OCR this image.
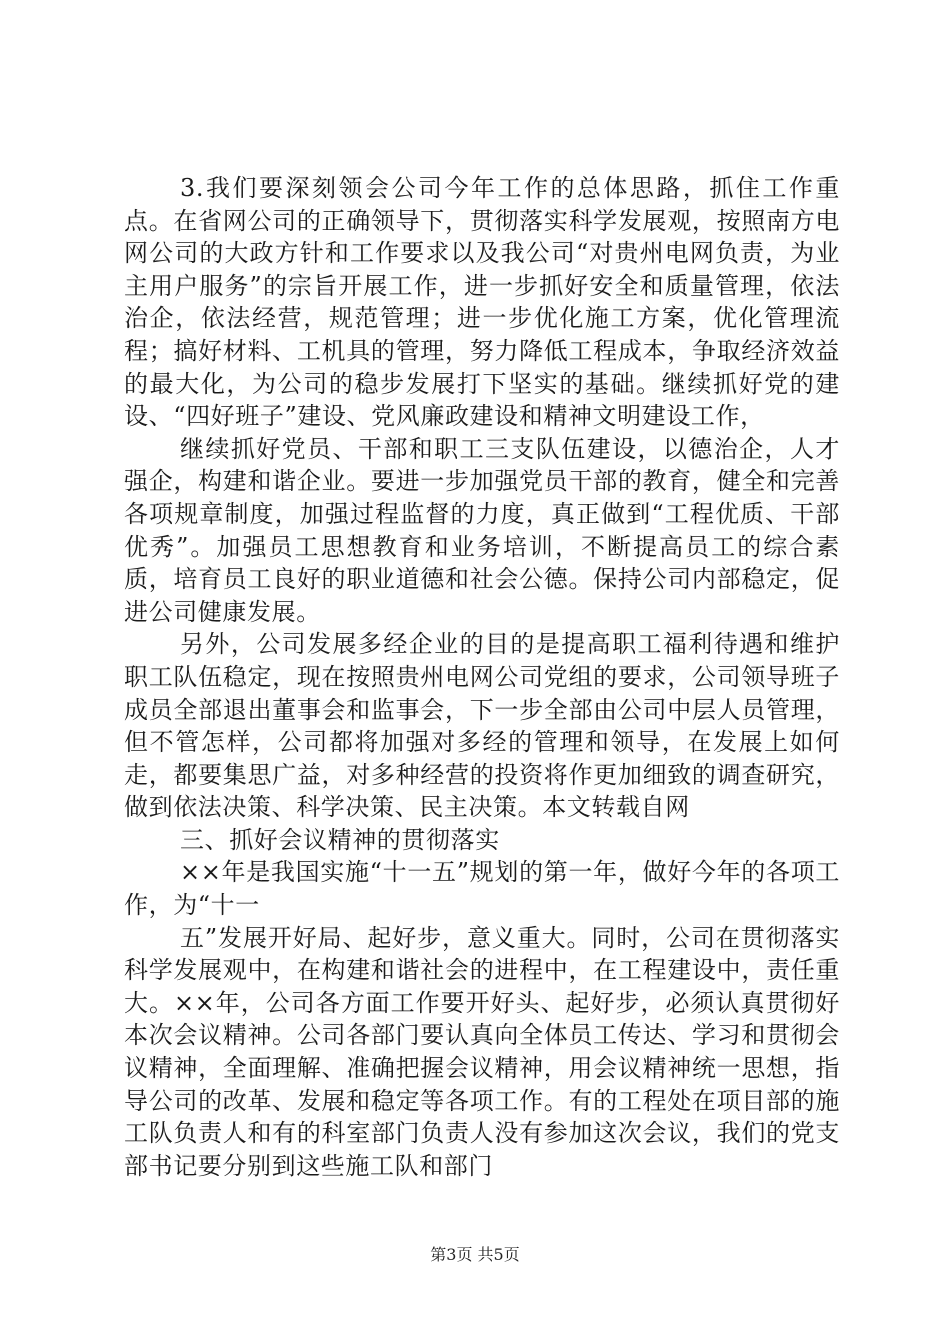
3.我们要深刻领会公司今年工作的总体思路，抓住工作重点。在省网公司的正确领导下，贯彻落实科学发展观，按照南方电网公司的大政方针和工作要求以及我公司“对贵州电网负责，为业主用户服务”的宗旨开展工作，进一步抓好安全和质量管理，依法治企，依法经营，规范管理；进一步优化施工方案，优化管理流程；搞好材料、工机具的管理，努力降低工程成本，争取经济效益的最大化，为公司的稳步发展打下坚实的基础。继续抓好党的建设、“四好班子”建设、党风廉政建设和精神文明建设工作，

继续抓好党员、干部和职工三支队伍建设，以德治企，人才强企，构建和谐企业。要进一步加强党员干部的教育，健全和完善各项规章制度，加强过程监督的力度，真正做到“工程优质、干部优秀”。加强员工思想教育和业务培训，不断提高员工的综合素质，培育员工良好的职业道德和社会公德。保持公司内部稳定，促进公司健康发展。

另外，公司发展多经企业的目的是提高职工福利待遇和维护职工队伍稳定，现在按照贵州电网公司党组的要求，公司领导班子成员全部退出董事会和监事会，下一步全部由公司中层人员管理，但不管怎样，公司都将加强对多经的管理和领导，在发展上如何走，都要集思广益，对多种经营的投资将作更加细致的调查研究，做到依法决策、科学决策、民主决策。本文转载自网

三、抓好会议精神的贯彻落实

××年是我国实施“十一五”规划的第一年，做好今年的各项工作，为“十一

五”发展开好局、起好步，意义重大。同时，公司在贯彻落实科学发展观中，在构建和谐社会的进程中，在工程建设中，责任重大。××年，公司各方面工作要开好头、起好步，必须认真贯彻好本次会议精神。公司各部门要认真向全体员工传达、学习和贯彻会议精神，全面理解、准确把握会议精神，用会议精神统一思想，指导公司的改革、发展和稳定等各项工作。有的工程处在项目部的施工队负责人和有的科室部门负责人没有参加这次会议，我们的党支部书记要分别到这些施工队和部门

第3页 共5页
